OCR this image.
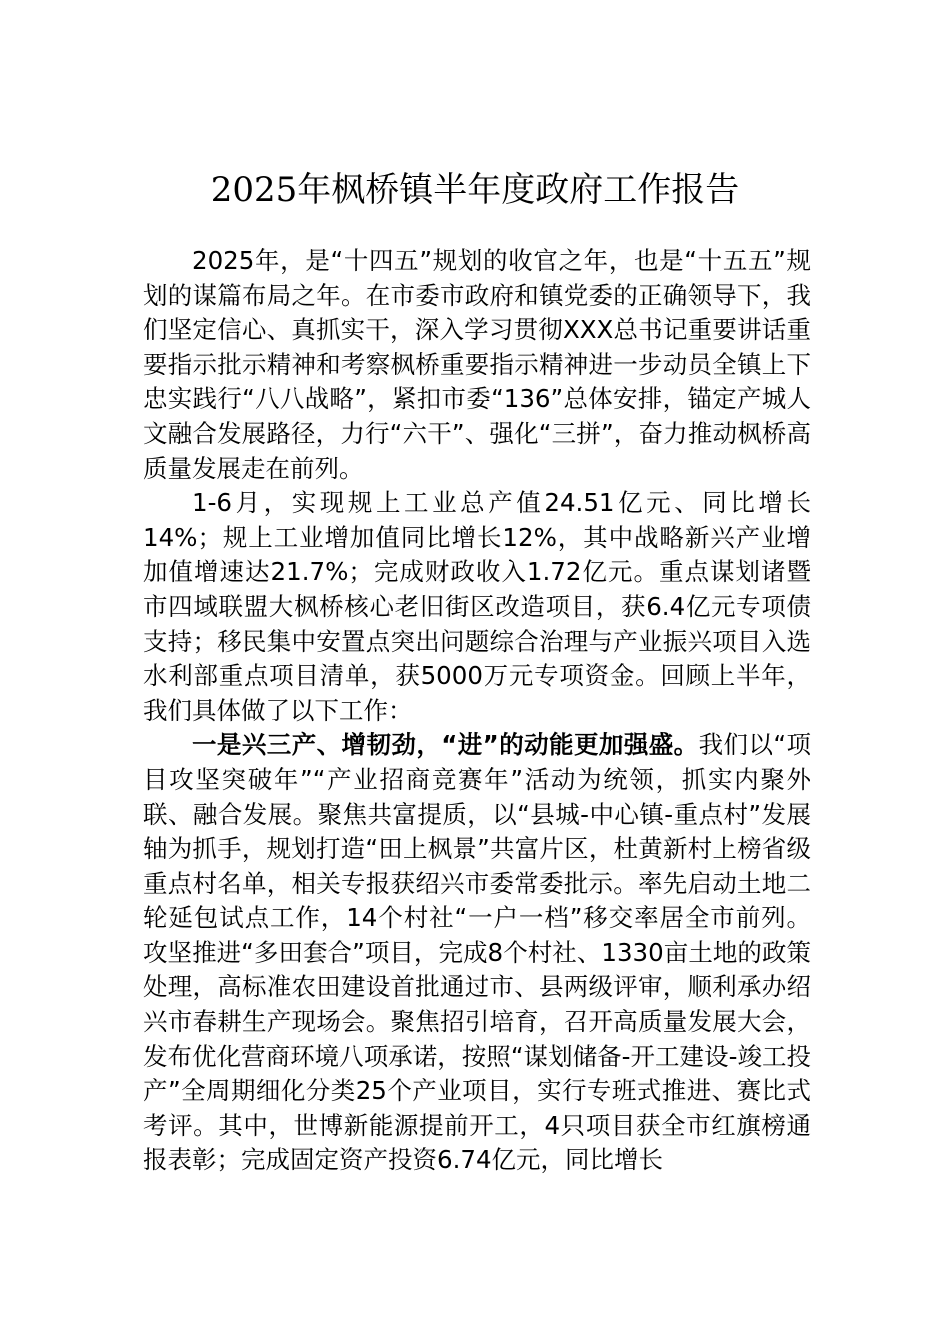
2025年枫桥镇半年度政府工作报告

2025年，是“十四五”规划的收官之年，也是“十五五”规划的谋篇布局之年。在市委市政府和镇党委的正确领导下，我们坚定信心、真抓实干，深入学习贯彻XXX总书记重要讲话重要指示批示精神和考察枫桥重要指示精神进一步动员全镇上下忠实践行“八八战略”，紧扣市委“136”总体安排，锚定产城人文融合发展路径，力行“六干”、强化“三拼”，奋力推动枫桥高质量发展走在前列。

1-6月，实现规上工业总产值24.51亿元、同比增长14%；规上工业增加值同比增长12%，其中战略新兴产业增加值增速达21.7%；完成财政收入1.72亿元。重点谋划诸暨市四域联盟大枫桥核心老旧街区改造项目，获6.4亿元专项债支持；移民集中安置点突出问题综合治理与产业振兴项目入选水利部重点项目清单，获5000万元专项资金。回顾上半年，我们具体做了以下工作：

一是兴三产、增韧劲，“进”的动能更加强盛。我们以“项目攻坚突破年”“产业招商竞赛年”活动为统领，抓实内聚外联、融合发展。聚焦共富提质，以“县城-中心镇-重点村”发展轴为抓手，规划打造“田上枫景”共富片区，杜黄新村上榜省级重点村名单，相关专报获绍兴市委常委批示。率先启动土地二轮延包试点工作，14个村社“一户一档”移交率居全市前列。攻坚推进“多田套合”项目，完成8个村社、1330亩土地的政策处理，高标准农田建设首批通过市、县两级评审，顺利承办绍兴市春耕生产现场会。聚焦招引培育，召开高质量发展大会，发布优化营商环境八项承诺，按照“谋划储备-开工建设-竣工投产”全周期细化分类25个产业项目，实行专班式推进、赛比式考评。其中，世博新能源提前开工，4只项目获全市红旗榜通报表彰；完成固定资产投资6.74亿元，同比增长
